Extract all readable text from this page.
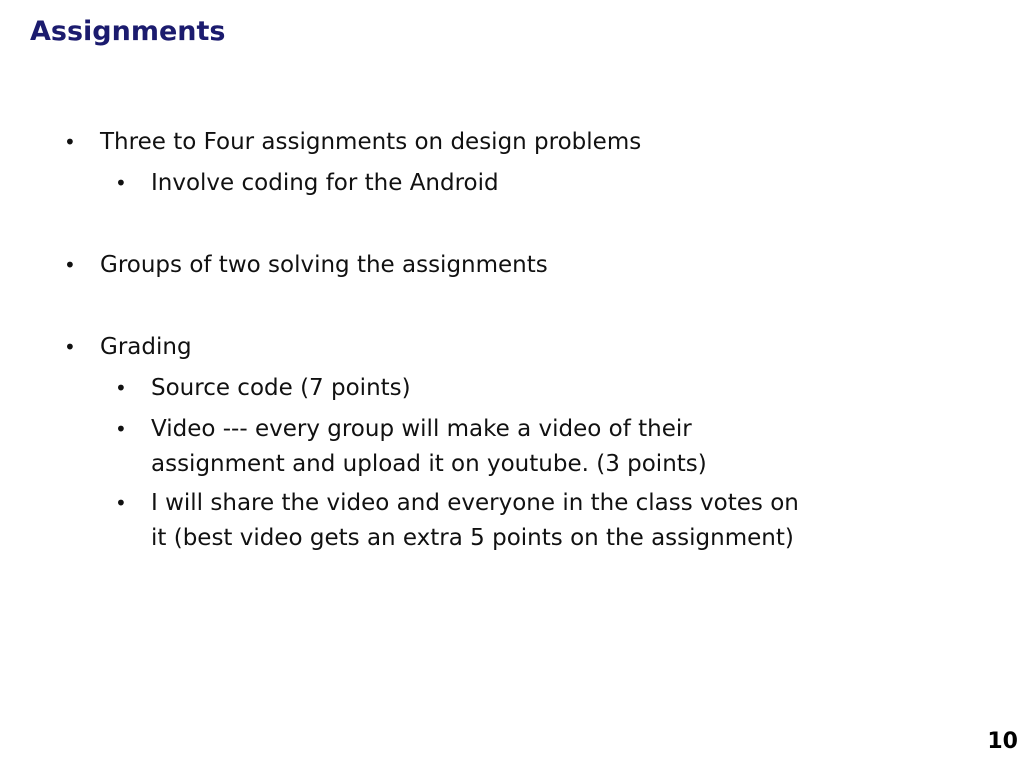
Assignments
• Three to Four assignments on design problems
• Involve coding for the Android
• Groups of two solving the assignments
• Grading
• Source code (7 points)
• Video --- every group will make a video of their
assignment and upload it on youtube. (3 points)
• I will share the video and everyone in the class votes on
it (best video gets an extra 5 points on the assignment)
10
